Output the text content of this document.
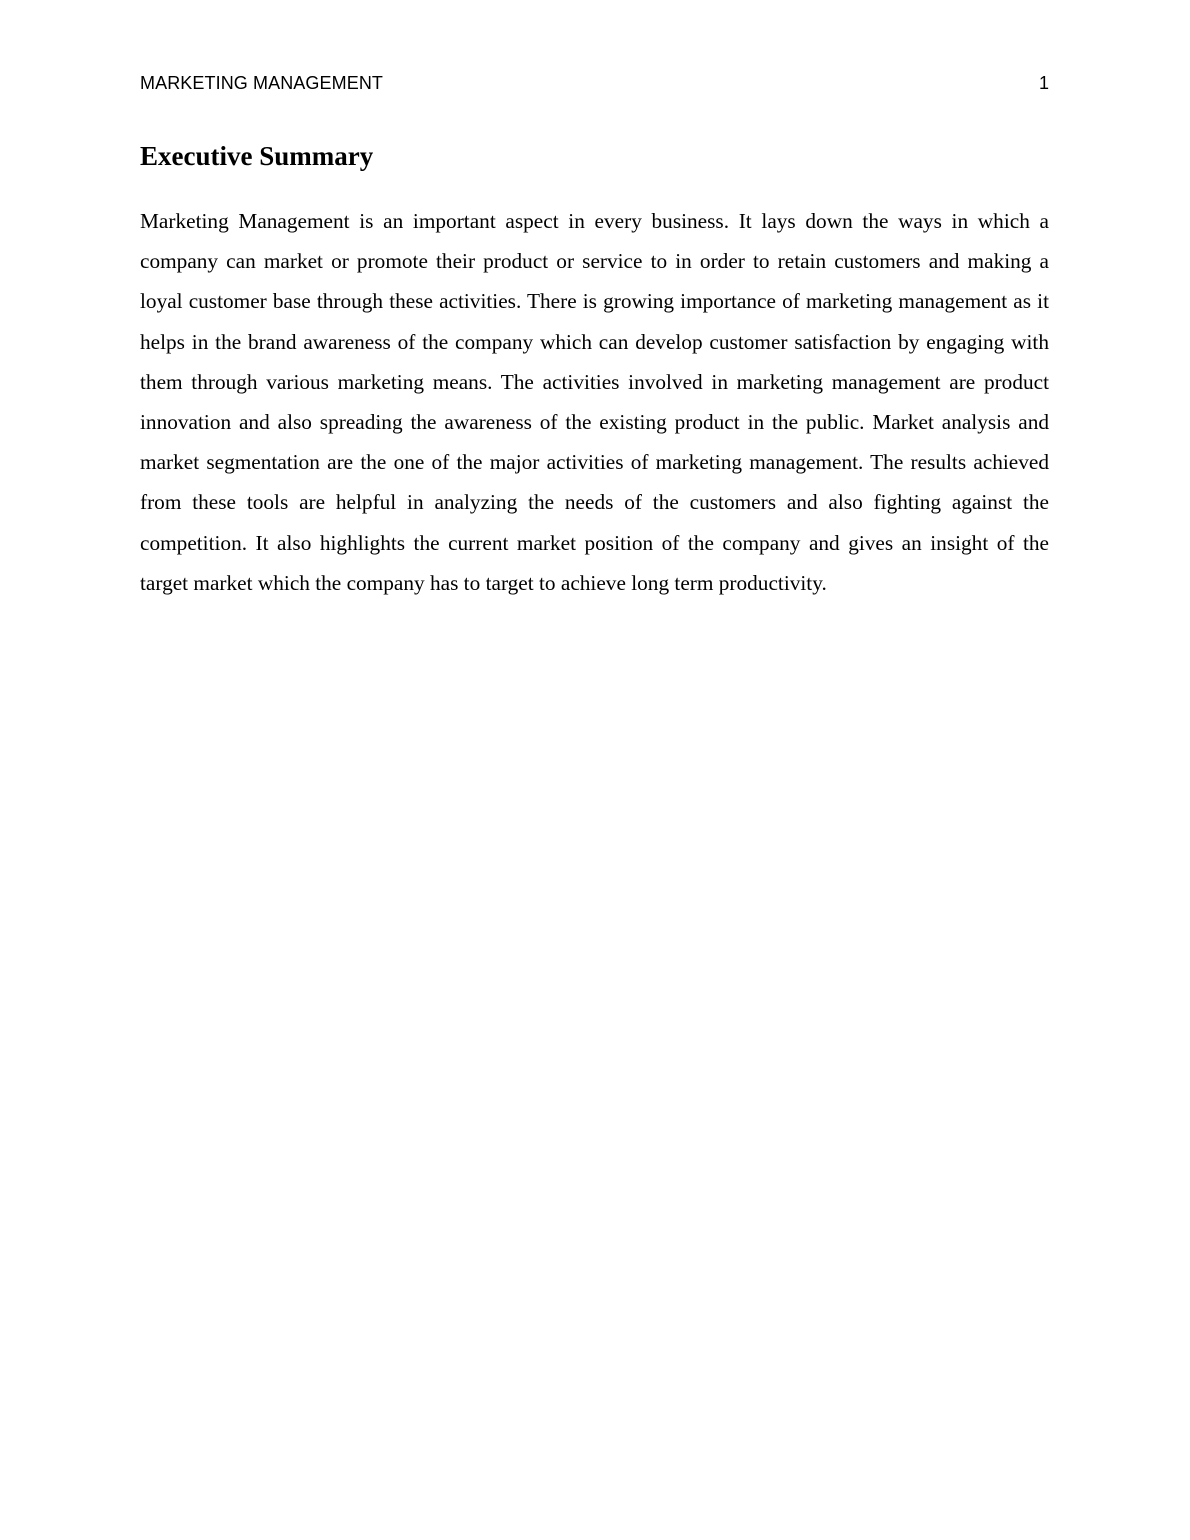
MARKETING MANAGEMENT	1
Executive Summary

Marketing Management is an important aspect in every business. It lays down the ways in which a company can market or promote their product or service to in order to retain customers and making a loyal customer base through these activities. There is growing importance of marketing management as it helps in the brand awareness of the company which can develop customer satisfaction by engaging with them through various marketing means. The activities involved in marketing management are product innovation and also spreading the awareness of the existing product in the public. Market analysis and market segmentation are the one of the major activities of marketing management. The results achieved from these tools are helpful in analyzing the needs of the customers and also fighting against the competition. It also highlights the current market position of the company and gives an insight of the target market which the company has to target to achieve long term productivity.
